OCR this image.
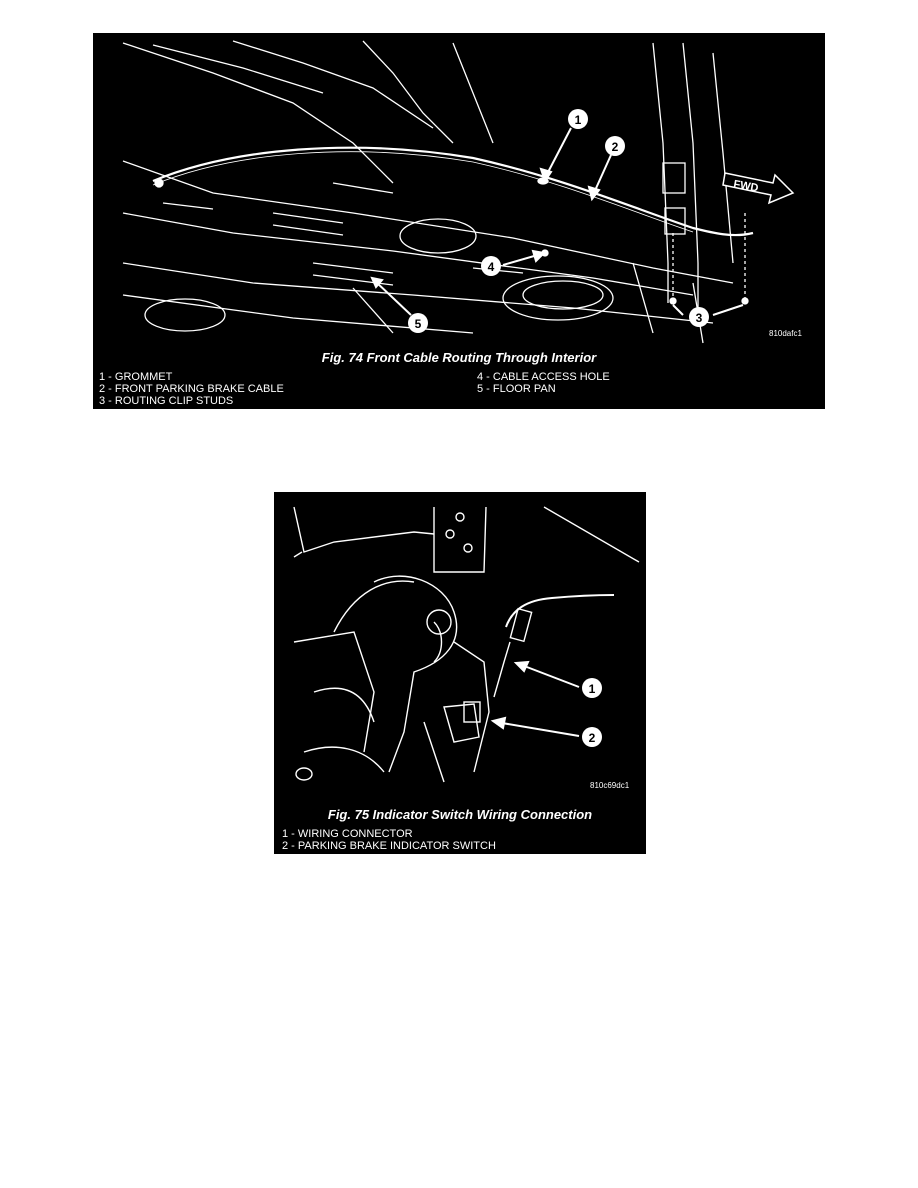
FWD
1
2
3
4
5
810dafc1
Fig. 74 Front Cable Routing Through Interior
1 - GROMMET
2 - FRONT PARKING BRAKE CABLE
3 - ROUTING CLIP STUDS
4 - CABLE ACCESS HOLE
5 - FLOOR PAN
1
2
810c69dc1
Fig. 75 Indicator Switch Wiring Connection
1 - WIRING CONNECTOR
2 - PARKING BRAKE INDICATOR SWITCH
